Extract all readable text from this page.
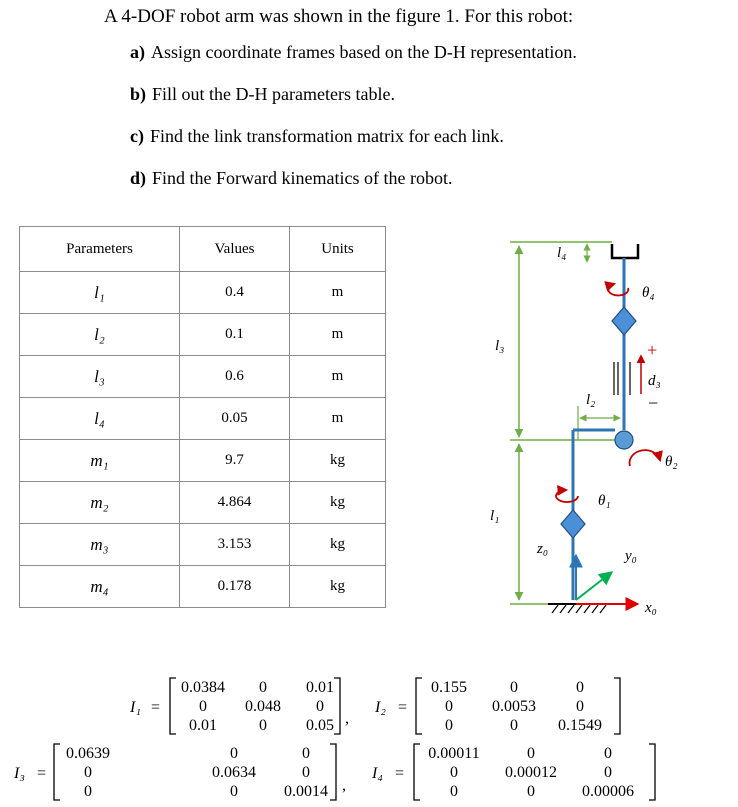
A 4-DOF robot arm was shown in the figure 1. For this robot:
a) Assign coordinate frames based on the D-H representation.
b) Fill out the D-H parameters table.
c) Find the link transformation matrix for each link.
d) Find the Forward kinematics of the robot.
Parameters	Values	Units
l₁	0.4	m
l₂	0.1	m
l₃	0.6	m
l₄	0.05	m
m₁	9.7	kg
m₂	4.864	kg
m₃	3.153	kg
m₄	0.178	kg
l₄
l₃
l₂
l₁
θ₄
θ₂
θ₁
d₃
z₀	y₀
x₀
+
−
I₁ =
0.0384 0 0.01
0 0.048 0
0.01	0 0.05 ,
I₂ =
0.155	0	0
0 0.0053	0
0	0	0.1549
I₃ =
0.0639	0	0
0	0.0634	0
0	0	0.0014 ,
I₄ =
0.00011	0	0
0	0.00012	0
0	0	0.00006
